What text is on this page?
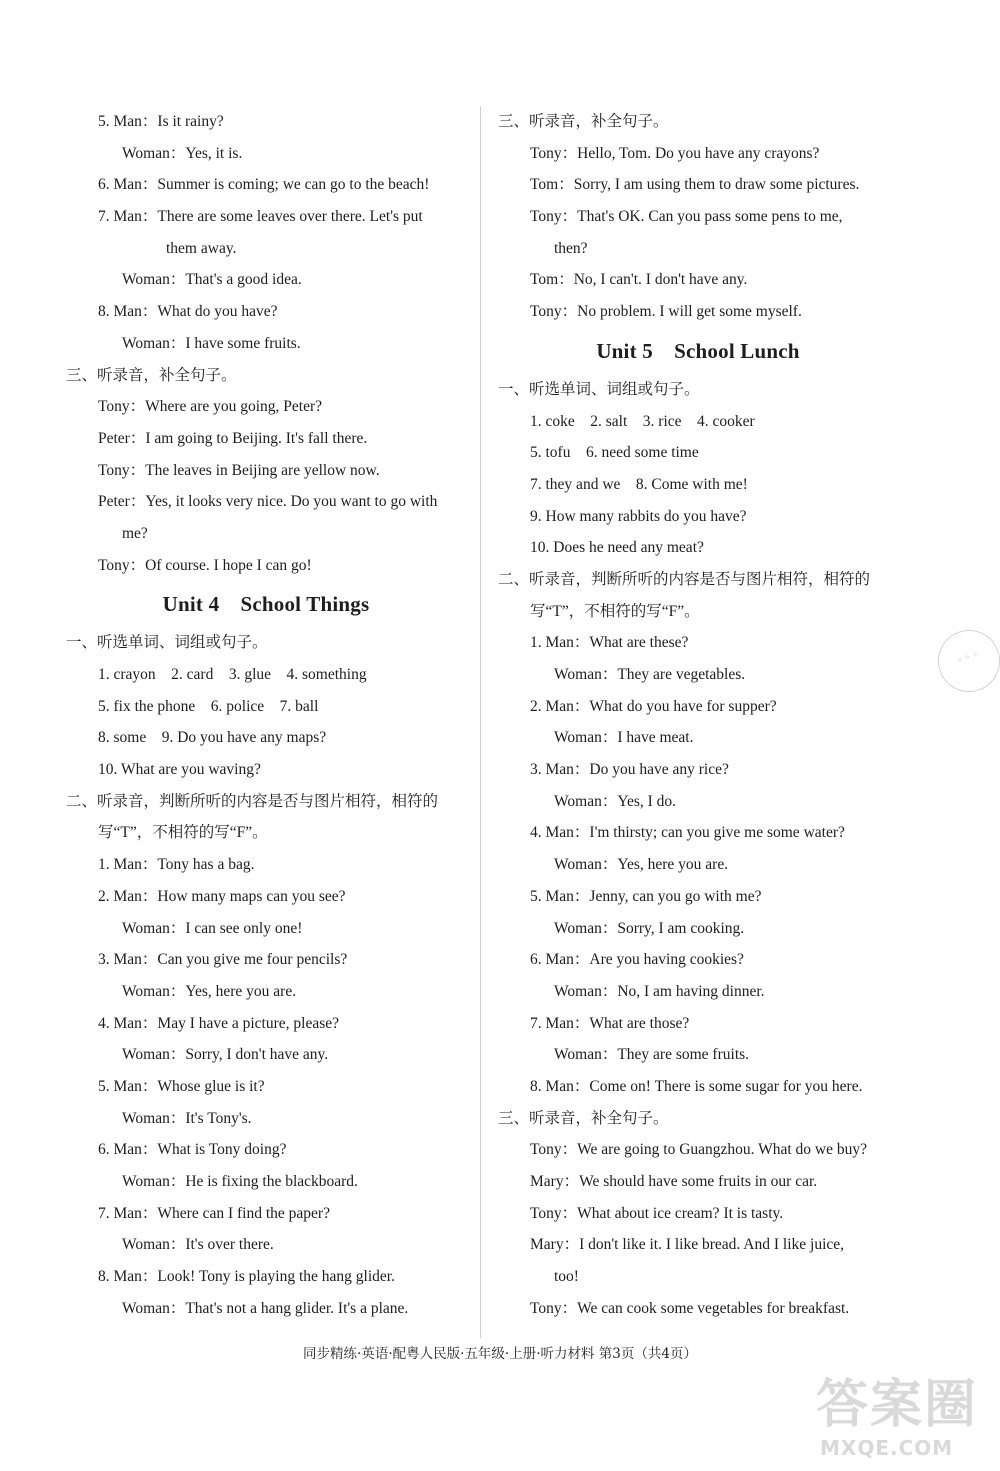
5. Man：Is it rainy?
Woman：Yes, it is.
6. Man：Summer is coming; we can go to the beach!
7. Man：There are some leaves over there. Let's put
them away.
Woman：That's a good idea.
8. Man：What do you have?
Woman：I have some fruits.
三、听录音，补全句子。
Tony：Where are you going, Peter?
Peter：I am going to Beijing. It's fall there.
Tony：The leaves in Beijing are yellow now.
Peter：Yes, it looks very nice. Do you want to go with
me?
Tony：Of course. I hope I can go!
Unit 4　School Things
一、听选单词、词组或句子。
1. crayon　2. card　3. glue　4. something
5. fix the phone　6. police　7. ball
8. some　9. Do you have any maps?
10. What are you waving?
二、听录音，判断所听的内容是否与图片相符，相符的
写“T”，不相符的写“F”。
1. Man：Tony has a bag.
2. Man：How many maps can you see?
Woman：I can see only one!
3. Man：Can you give me four pencils?
Woman：Yes, here you are.
4. Man：May I have a picture, please?
Woman：Sorry, I don't have any.
5. Man：Whose glue is it?
Woman：It's Tony's.
6. Man：What is Tony doing?
Woman：He is fixing the blackboard.
7. Man：Where can I find the paper?
Woman：It's over there.
8. Man：Look! Tony is playing the hang glider.
Woman：That's not a hang glider. It's a plane.
三、听录音，补全句子。
Tony：Hello, Tom. Do you have any crayons?
Tom：Sorry, I am using them to draw some pictures.
Tony：That's OK. Can you pass some pens to me,
then?
Tom：No, I can't. I don't have any.
Tony：No problem. I will get some myself.
Unit 5　School Lunch
一、听选单词、词组或句子。
1. coke　2. salt　3. rice　4. cooker
5. tofu　6. need some time
7. they and we　8. Come with me!
9. How many rabbits do you have?
10. Does he need any meat?
二、听录音，判断所听的内容是否与图片相符，相符的
写“T”，不相符的写“F”。
1. Man：What are these?
Woman：They are vegetables.
2. Man：What do you have for supper?
Woman：I have meat.
3. Man：Do you have any rice?
Woman：Yes, I do.
4. Man：I'm thirsty; can you give me some water?
Woman：Yes, here you are.
5. Man：Jenny, can you go with me?
Woman：Sorry, I am cooking.
6. Man：Are you having cookies?
Woman：No, I am having dinner.
7. Man：What are those?
Woman：They are some fruits.
8. Man：Come on! There is some sugar for you here.
三、听录音，补全句子。
Tony：We are going to Guangzhou. What do we buy?
Mary：We should have some fruits in our car.
Tony：What about ice cream? It is tasty.
Mary：I don't like it. I like bread. And I like juice,
too!
Tony：We can cook some vegetables for breakfast.
◦ ◦ ◦
同步精练·英语·配粤人民版·五年级·上册·听力材料 第3页（共4页）
答案圈
MXQE.COM
